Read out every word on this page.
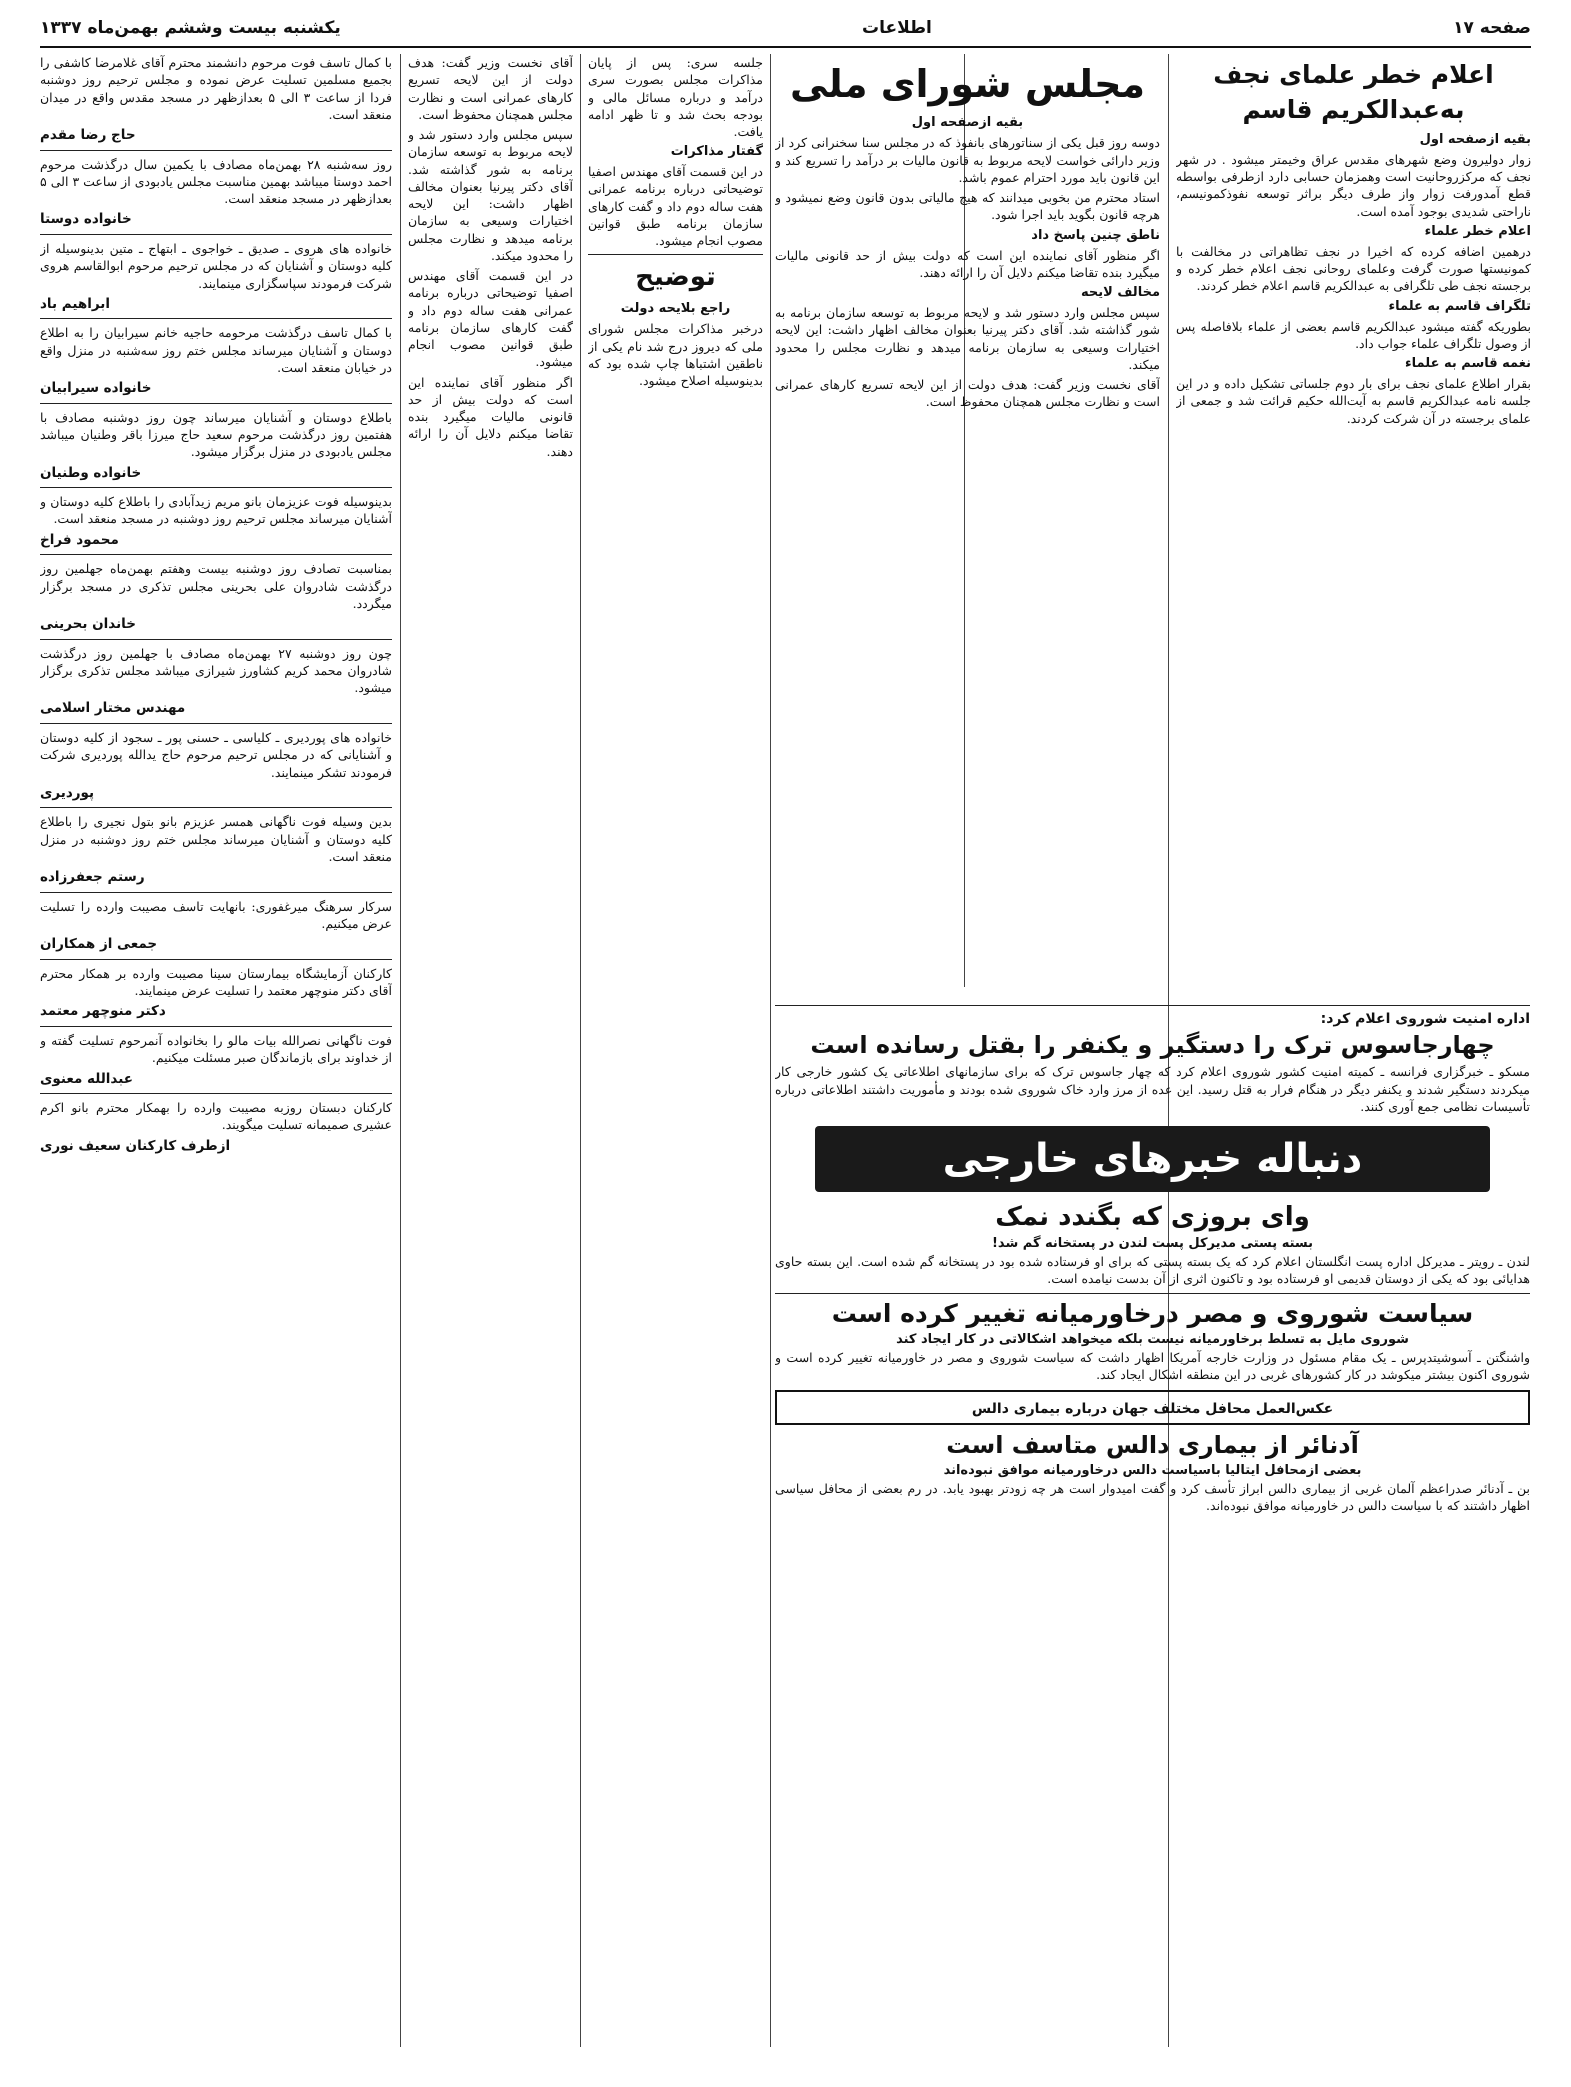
صفحه ۱۷
اطلاعات
یکشنبه بیست وششم بهمن‌ماه ۱۳۳۷
اعلام خطر علمای نجف به‌عبدالکریم قاسم
بقیه ازصفحه اول

زوار دولیرون وضع شهرهای مقدس عراق وخیمتر میشود . در شهر نجف که مرکزروحانیت است وهمزمان حسابی دارد ازطرفی بواسطه قطع آمدورفت زوار واز طرف دیگر براثر توسعه نفوذکمونیسم، ناراحتی شدیدی بوجود آمده است.

اعلام خطر علماء

درهمین اضافه کرده که اخیرا در نجف تظاهراتی در مخالفت با کمونیستها صورت گرفت وعلمای روحانی نجف اعلام خطر کرده و برجسته نجف طی تلگرافی به عبدالکریم قاسم اعلام خطر کردند.

تلگراف قاسم به علماء

بطوریکه گفته میشود عبدالکریم قاسم بعضی از علماء بلافاصله پس از وصول تلگراف علماء جواب داد.

نغمه قاسم به علماء

بقرار اطلاع علمای نجف برای بار دوم جلساتی تشکیل داده و در این جلسه نامه عبدالکریم قاسم به آیت‌الله حکیم قرائت شد و جمعی از علمای برجسته در آن شرکت کردند.

مجلس شورای ملی
بقیه ازصفحه اول

دوسه روز قبل یکی از سناتورهای بانفوذ که در مجلس سنا سخنرانی کرد از وزیر دارائی خواست لایحه مربوط به قانون مالیات بر درآمد را تسریع کند و این قانون باید مورد احترام عموم باشد.

استاد محترم من بخوبی میدانند که هیچ مالیاتی بدون قانون وضع نمیشود و هرچه قانون بگوید باید اجرا شود.

ناطق چنین پاسخ داد

اگر منظور آقای نماینده این است که دولت بیش از حد قانونی مالیات میگیرد بنده تقاضا میکنم دلایل آن را ارائه دهند.

مخالف لایحه

سپس مجلس وارد دستور شد و لایحه مربوط به توسعه سازمان برنامه به شور گذاشته شد. آقای دکتر پیرنیا بعنوان مخالف اظهار داشت: این لایحه اختیارات وسیعی به سازمان برنامه میدهد و نظارت مجلس را محدود میکند.

آقای نخست وزیر گفت: هدف دولت از این لایحه تسریع کارهای عمرانی است و نظارت مجلس همچنان محفوظ است.

جلسه سری: پس از پایان مذاکرات مجلس بصورت سری درآمد و درباره مسائل مالی و بودجه بحث شد و تا ظهر ادامه یافت.

گفتار مذاکرات

در این قسمت آقای مهندس اصفیا توضیحاتی درباره برنامه عمرانی هفت ساله دوم داد و گفت کارهای سازمان برنامه طبق قوانین مصوب انجام میشود.

توضیح
راجع بلایحه دولت

درخبر مذاکرات مجلس شورای ملی که دیروز درج شد نام یکی از ناطقین اشتباها چاپ شده بود که بدینوسیله اصلاح میشود.

اداره امنیت شوروی اعلام کرد:
چهارجاسوس ترک را دستگیر و یکنفر را بقتل رسانده است

مسکو ـ خبرگزاری فرانسه ـ کمیته امنیت کشور شوروی اعلام کرد که چهار جاسوس ترک که برای سازمانهای اطلاعاتی یک کشور خارجی کار میکردند دستگیر شدند و یکنفر دیگر در هنگام فرار به قتل رسید. این عده از مرز وارد خاک شوروی شده بودند و مأموریت داشتند اطلاعاتی درباره تأسیسات نظامی جمع آوری کنند.

دنباله خبرهای خارجی
وای بروزی که بگندد نمک
بسته پستی مدیرکل پست لندن در پستخانه گم شد!

لندن ـ رویتر ـ مدیرکل اداره پست انگلستان اعلام کرد که یک بسته پستی که برای او فرستاده شده بود در پستخانه گم شده است. این بسته حاوی هدایائی بود که یکی از دوستان قدیمی او فرستاده بود و تاکنون اثری از آن بدست نیامده است.

سیاست شوروی و مصر درخاورمیانه تغییر کرده است
شوروی مایل به تسلط برخاورمیانه نیست بلکه میخواهد اشکالاتی در کار ایجاد کند

واشنگتن ـ آسوشیتدپرس ـ یک مقام مسئول در وزارت خارجه آمریکا اظهار داشت که سیاست شوروی و مصر در خاورمیانه تغییر کرده است و شوروی اکنون بیشتر میکوشد در کار کشورهای غربی در این منطقه اشکال ایجاد کند.

عکس‌العمل محافل مختلف جهان درباره بیماری دالس
آدنائر از بیماری دالس متاسف است
بعضی ازمحافل ایتالیا باسیاست دالس درخاورمیانه موافق نبوده‌اند

بن ـ آدنائر صدراعظم آلمان غربی از بیماری دالس ابراز تأسف کرد و گفت امیدوار است هر چه زودتر بهبود یابد. در رم بعضی از محافل سیاسی اظهار داشتند که با سیاست دالس در خاورمیانه موافق نبوده‌اند.

آقای نخست وزیر گفت: هدف دولت از این لایحه تسریع کارهای عمرانی است و نظارت مجلس همچنان محفوظ است.

سپس مجلس وارد دستور شد و لایحه مربوط به توسعه سازمان برنامه به شور گذاشته شد. آقای دکتر پیرنیا بعنوان مخالف اظهار داشت: این لایحه اختیارات وسیعی به سازمان برنامه میدهد و نظارت مجلس را محدود میکند.

در این قسمت آقای مهندس اصفیا توضیحاتی درباره برنامه عمرانی هفت ساله دوم داد و گفت کارهای سازمان برنامه طبق قوانین مصوب انجام میشود.

اگر منظور آقای نماینده این است که دولت بیش از حد قانونی مالیات میگیرد بنده تقاضا میکنم دلایل آن را ارائه دهند.

با کمال تاسف فوت مرحوم دانشمند محترم آقای غلامرضا کاشفی را بجمیع مسلمین تسلیت عرض نموده و مجلس ترحیم روز دوشنبه فردا از ساعت ۳ الی ۵ بعدازظهر در مسجد مقدس واقع در میدان منعقد است.

حاج رضا مقدم

روز سه‌شنبه ۲۸ بهمن‌ماه مصادف با یکمین سال درگذشت مرحوم احمد دوستا میباشد بهمین مناسبت مجلس یادبودی از ساعت ۳ الی ۵ بعدازظهر در مسجد منعقد است.

خانواده دوستا

خانواده های هروی ـ صدیق ـ خواجوی ـ ابتهاج ـ متین بدینوسیله از کلیه دوستان و آشنایان که در مجلس ترحیم مرحوم ابوالقاسم هروی شرکت فرمودند سپاسگزاری مینمایند.

ابراهیم باد

با کمال تاسف درگذشت مرحومه حاجیه خانم سیرابیان را به اطلاع دوستان و آشنایان میرساند مجلس ختم روز سه‌شنبه در منزل واقع در خیابان منعقد است.

خانواده سیرابیان

باطلاع دوستان و آشنایان میرساند چون روز دوشنبه مصادف با هفتمین روز درگذشت مرحوم سعید حاج میرزا باقر وطنیان میباشد مجلس یادبودی در منزل برگزار میشود.

خانواده وطنیان

بدینوسیله فوت عزیزمان بانو مریم زیدآبادی را باطلاع کلیه دوستان و آشنایان میرساند مجلس ترحیم روز دوشنبه در مسجد منعقد است.

محمود فراخ

بمناسبت تصادف روز دوشنبه بیست وهفتم بهمن‌ماه جهلمین روز درگذشت شادروان علی بحرینی مجلس تذکری در مسجد برگزار میگردد.

خاندان بحرینی

چون روز دوشنبه ۲۷ بهمن‌ماه مصادف با جهلمین روز درگذشت شادروان محمد کریم کشاورز شیرازی میباشد مجلس تذکری برگزار میشود.

مهندس مختار اسلامی

خانواده های پوردیری ـ کلیاسی ـ حسنی پور ـ سجود از کلیه دوستان و آشنایانی که در مجلس ترحیم مرحوم حاج یدالله پوردیری شرکت فرمودند تشکر مینمایند.

پوردیری

بدین وسیله فوت ناگهانی همسر عزیزم بانو بتول نجیری را باطلاع کلیه دوستان و آشنایان میرساند مجلس ختم روز دوشنبه در منزل منعقد است.

رستم جعفرزاده

سرکار سرهنگ میرغفوری: بانهایت تاسف مصیبت وارده را تسلیت عرض میکنیم.

جمعی از همکاران

کارکنان آزمایشگاه بیمارستان سینا مصیبت وارده بر همکار محترم آقای دکتر منوچهر معتمد را تسلیت عرض مینمایند.

دکتر منوچهر معتمد

فوت ناگهانی نصرالله بیات مالو را بخانواده آنمرحوم تسلیت گفته و از خداوند برای بازماندگان صبر مسئلت میکنیم.

عبدالله معنوی

کارکنان دبستان روزبه مصیبت وارده را بهمکار محترم بانو اکرم عشیری صمیمانه تسلیت میگویند.

ازطرف کارکنان سعیف نوری
